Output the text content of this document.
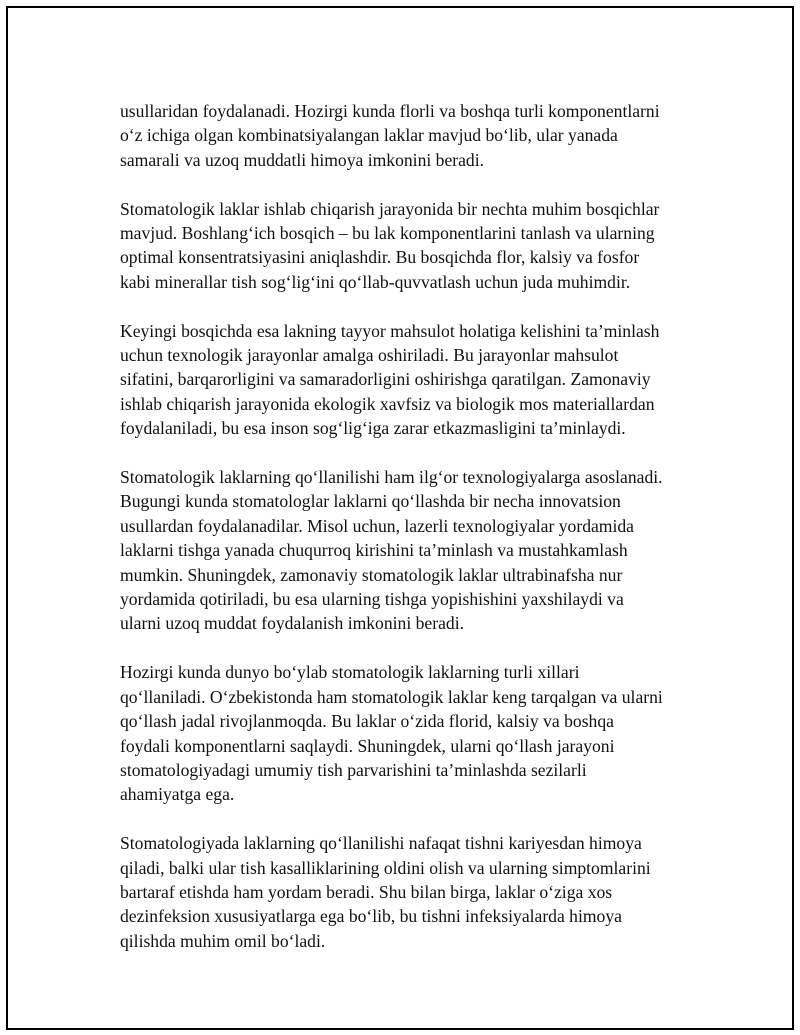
usullaridan foydalanadi. Hozirgi kunda florli va boshqa turli komponentlarni
o‘z ichiga olgan kombinatsiyalangan laklar mavjud bo‘lib, ular yanada
samarali va uzoq muddatli himoya imkonini beradi.

Stomatologik laklar ishlab chiqarish jarayonida bir nechta muhim bosqichlar
mavjud. Boshlang‘ich bosqich – bu lak komponentlarini tanlash va ularning
optimal konsentratsiyasini aniqlashdir. Bu bosqichda flor, kalsiy va fosfor
kabi minerallar tish sog‘lig‘ini qo‘llab-quvvatlash uchun juda muhimdir.

Keyingi bosqichda esa lakning tayyor mahsulot holatiga kelishini ta’minlash
uchun texnologik jarayonlar amalga oshiriladi. Bu jarayonlar mahsulot
sifatini, barqarorligini va samaradorligini oshirishga qaratilgan. Zamonaviy
ishlab chiqarish jarayonida ekologik xavfsiz va biologik mos materiallardan
foydalaniladi, bu esa inson sog‘lig‘iga zarar etkazmasligini ta’minlaydi.

Stomatologik laklarning qo‘llanilishi ham ilg‘or texnologiyalarga asoslanadi.
Bugungi kunda stomatologlar laklarni qo‘llashda bir necha innovatsion
usullardan foydalanadilar. Misol uchun, lazerli texnologiyalar yordamida
laklarni tishga yanada chuqurroq kirishini ta’minlash va mustahkamlash
mumkin. Shuningdek, zamonaviy stomatologik laklar ultrabinafsha nur
yordamida qotiriladi, bu esa ularning tishga yopishishini yaxshilaydi va
ularni uzoq muddat foydalanish imkonini beradi.

Hozirgi kunda dunyo bo‘ylab stomatologik laklarning turli xillari
qo‘llaniladi. O‘zbekistonda ham stomatologik laklar keng tarqalgan va ularni
qo‘llash jadal rivojlanmoqda. Bu laklar o‘zida florid, kalsiy va boshqa
foydali komponentlarni saqlaydi. Shuningdek, ularni qo‘llash jarayoni
stomatologiyadagi umumiy tish parvarishini ta’minlashda sezilarli
ahamiyatga ega.

Stomatologiyada laklarning qo‘llanilishi nafaqat tishni kariyesdan himoya
qiladi, balki ular tish kasalliklarining oldini olish va ularning simptomlarini
bartaraf etishda ham yordam beradi. Shu bilan birga, laklar o‘ziga xos
dezinfeksion xususiyatlarga ega bo‘lib, bu tishni infeksiyalarda himoya
qilishda muhim omil bo‘ladi.
